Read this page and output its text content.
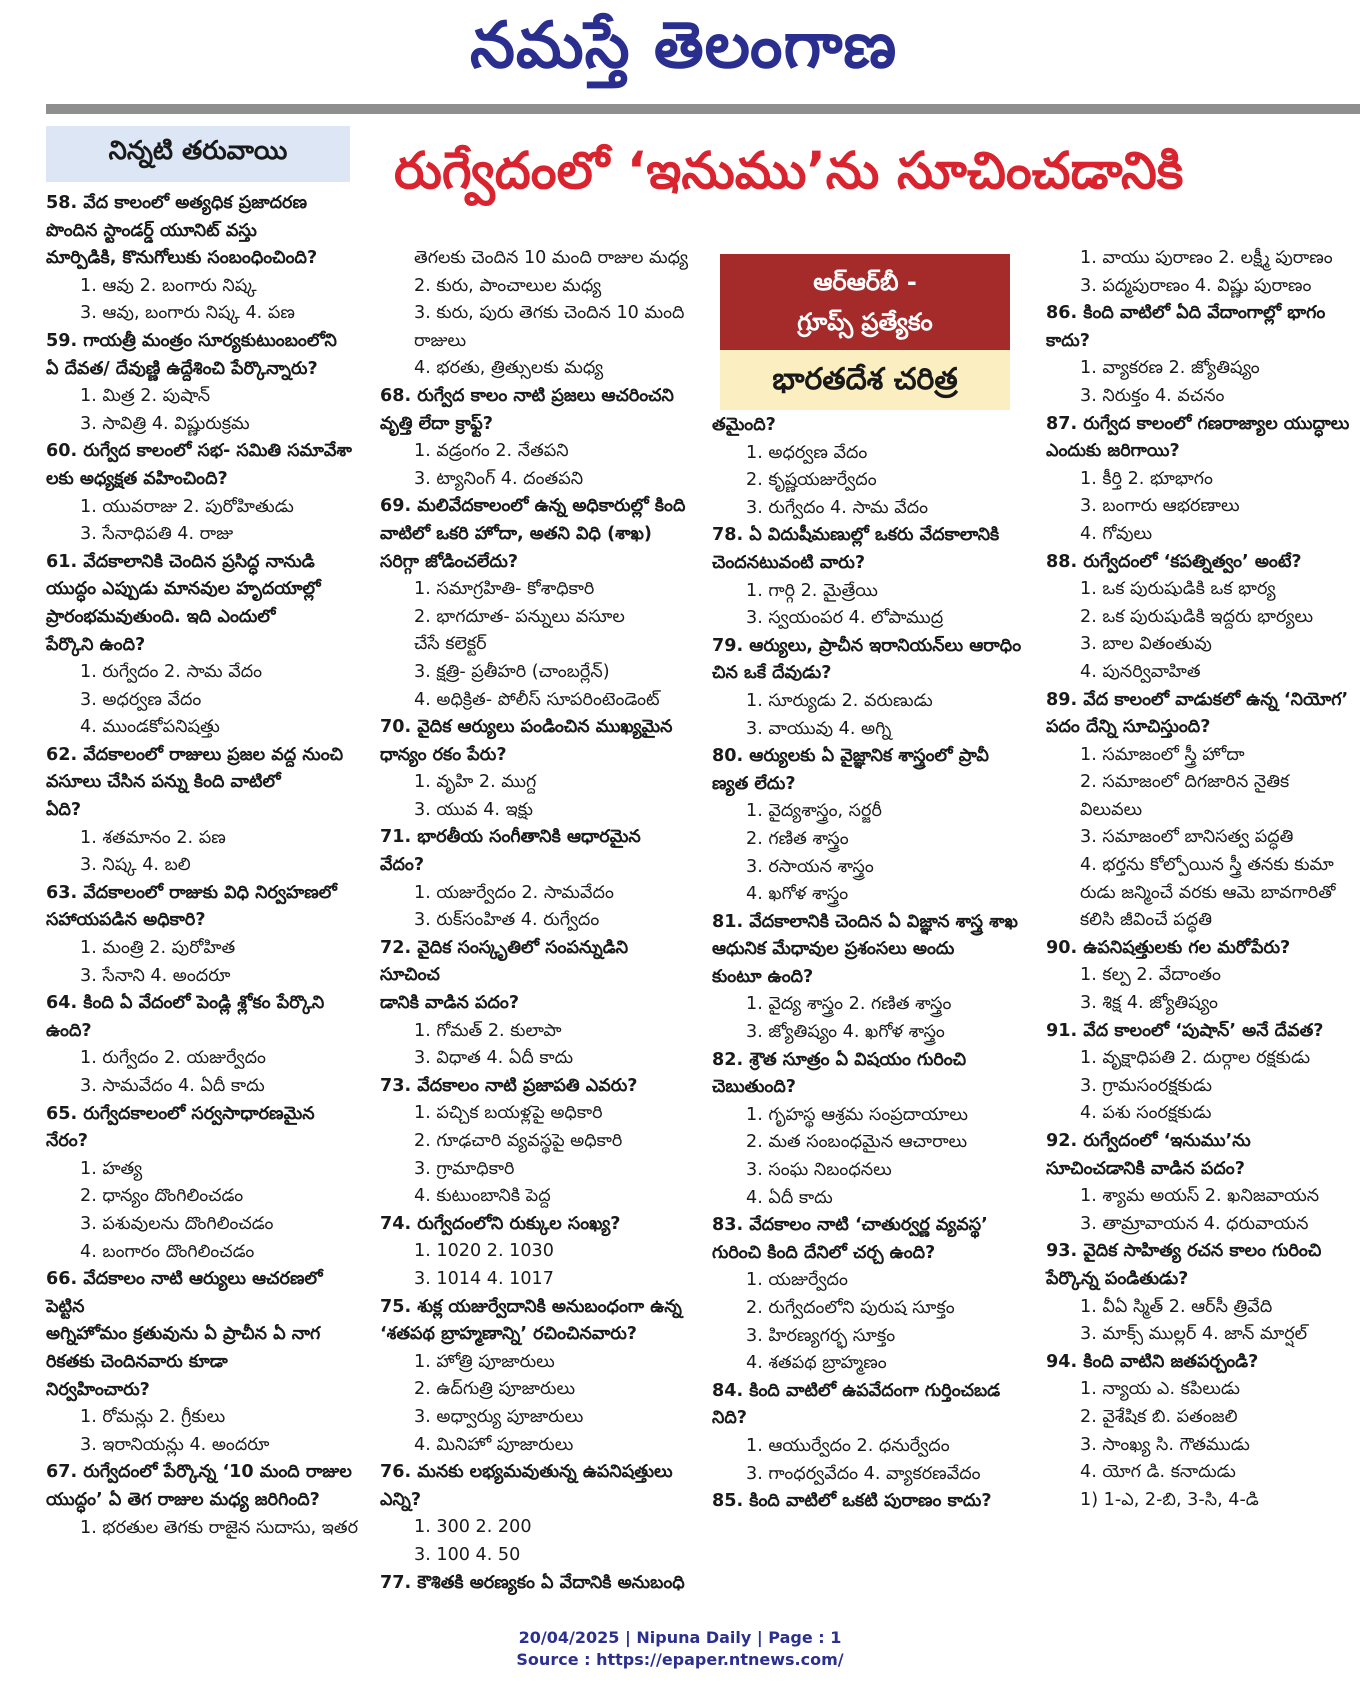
నమస్తే తెలంగాణ
నిన్నటి తరువాయి	రుగ్వేదంలో ‘ఇనుము’ను సూచించడానికి

58. వేద కాలంలో అత్యధిక ప్రజాదరణ

పొందిన స్టాండర్డ్ యూనిట్ వస్తు

మార్పిడికి, కొనుగోలుకు సంబంధించింది?

1. ఆవు 2. బంగారు నిష్క

3. ఆవు, బంగారు నిష్క 4. పణ

59. గాయత్రీ మంత్రం సూర్యకుటుంబంలోని

ఏ దేవత/ దేవుణ్ణి ఉద్దేశించి పేర్కొన్నారు?

1. మిత్ర 2. పుషాన్

3. సావిత్రి 4. విష్ణురుక్రమ

60. రుగ్వేద కాలంలో సభ- సమితి సమావేశా

లకు అధ్యక్షత వహించింది?

1. యువరాజు 2. పురోహితుడు

3. సేనాధిపతి 4. రాజు

61. వేదకాలానికి చెందిన ప్రసిద్ధ నానుడి

యుద్ధం ఎప్పుడు మానవుల హృదయాల్లో

ప్రారంభమవుతుంది. ఇది ఎందులో

పేర్కొని ఉంది?

1. రుగ్వేదం 2. సామ వేదం

3. అధర్వణ వేదం

4. ముండకోపనిషత్తు

62. వేదకాలంలో రాజులు ప్రజల వద్ద నుంచి

వసూలు చేసిన పన్ను కింది వాటిలో

ఏది?

1. శతమానం 2. పణ

3. నిష్క 4. బలి

63. వేదకాలంలో రాజుకు విధి నిర్వహణలో

సహాయపడిన అధికారి?

1. మంత్రి 2. పురోహిత

3. సేనాని 4. అందరూ

64. కింది ఏ వేదంలో పెండ్లి శ్లోకం పేర్కొని

ఉంది?

1. రుగ్వేదం 2. యజుర్వేదం

3. సామవేదం 4. ఏదీ కాదు

65. రుగ్వేదకాలంలో సర్వసాధారణమైన

నేరం?

1. హత్య

2. ధాన్యం దొంగిలించడం

3. పశువులను దొంగిలించడం

4. బంగారం దొంగిలించడం

66. వేదకాలం నాటి ఆర్యులు ఆచరణలో పెట్టిన

అగ్నిహోమం క్రతువును ఏ ప్రాచీన ఏ నాగ

రికతకు చెందినవారు కూడా

నిర్వహించారు?

1. రోమన్లు 2. గ్రీకులు

3. ఇరానియన్లు 4. అందరూ

67. రుగ్వేదంలో పేర్కొన్న ‘10 మంది రాజుల

యుద్ధం’ ఏ తెగ రాజుల మధ్య జరిగింది?

1. భరతుల తెగకు రాజైన సుదాసు, ఇతర

తెగలకు చెందిన 10 మంది రాజుల మధ్య

2. కురు, పాంచాలుల మధ్య

3. కురు, పురు తెగకు చెందిన 10 మంది

రాజులు

4. భరతు, త్రిత్సులకు మధ్య

68. రుగ్వేద కాలం నాటి ప్రజలు ఆచరించని

వృత్తి లేదా క్రాఫ్ట్?

1. వడ్రంగం 2. నేతపని

3. ట్యానింగ్ 4. దంతపని

69. మలివేదకాలంలో ఉన్న అధికారుల్లో కింది

వాటిలో ఒకరి హోదా, అతని విధి (శాఖ)

సరిగ్గా జోడించలేదు?

1. సమాగ్రహితి- కోశాధికారి

2. భాగదూత- పన్నులు వసూల

చేసే కలెక్టర్

3. క్షత్రి- ప్రతీహరి (చాంబర్లేన్)

4. అధిక్రిత- పోలీస్ సూపరింటెండెంట్

70. వైదిక ఆర్యులు పండించిన ముఖ్యమైన

ధాన్యం రకం పేరు?

1. వృహి 2. ముగ్ద

3. యువ 4. ఇక్షు

71. భారతీయ సంగీతానికి ఆధారమైన వేదం?

1. యజుర్వేదం 2. సామవేదం

3. రుక్‌సంహిత 4. రుగ్వేదం

72. వైదిక సంస్కృతిలో సంపన్నుడిని సూచించ

డానికి వాడిన పదం?

1. గోమత్ 2. కులాపా

3. విధాత 4. ఏదీ కాదు

73. వేదకాలం నాటి ప్రజాపతి ఎవరు?

1. పచ్చిక బయళ్లపై అధికారి

2. గూఢచారి వ్యవస్థపై అధికారి

3. గ్రామాధికారి

4. కుటుంబానికి పెద్ద

74. రుగ్వేదంలోని రుక్కుల సంఖ్య?

1. 1020 2. 1030

3. 1014 4. 1017

75. శుక్ల యజుర్వేదానికి అనుబంధంగా ఉన్న

‘శతపథ బ్రాహ్మణాన్ని’ రచించినవారు?

1. హోత్రి పూజారులు

2. ఉద్‌గుత్రి పూజారులు

3. అధ్వార్యు పూజారులు

4. మినిహో పూజారులు

76. మనకు లభ్యమవుతున్న ఉపనిషత్తులు ఎన్ని?

1. 300 2. 200

3. 100 4. 50

77. కౌశితకి అరణ్యకం ఏ వేదానికి అనుబంధి

తమైంది?

1. అధర్వణ వేదం

2. కృష్ణయజుర్వేదం

3. రుగ్వేదం 4. సామ వేదం

78. ఏ విదుషీమణుల్లో ఒకరు వేదకాలానికి

చెందనటువంటి వారు?

1. గార్గి 2. మైత్రేయి

3. స్వయంపర 4. లోపాముద్ర

79. ఆర్యులు, ప్రాచీన ఇరానియన్‌లు ఆరాధిం

చిన ఒకే దేవుడు?

1. సూర్యుడు 2. వరుణుడు

3. వాయువు 4. అగ్ని

80. ఆర్యులకు ఏ వైజ్ఞానిక శాస్త్రంలో ప్రావీ

ణ్యత లేదు?

1. వైద్యశాస్త్రం, సర్జరీ

2. గణిత శాస్త్రం

3. రసాయన శాస్త్రం

4. ఖగోళ శాస్త్రం

81. వేదకాలానికి చెందిన ఏ విజ్ఞాన శాస్త్ర శాఖ

ఆధునిక మేధావుల ప్రశంసలు అందు

కుంటూ ఉంది?

1. వైద్య శాస్త్రం 2. గణిత శాస్త్రం

3. జ్యోతిష్యం 4. ఖగోళ శాస్త్రం

82. శ్రౌత సూత్రం ఏ విషయం గురించి

చెబుతుంది?

1. గృహస్థ ఆశ్రమ సంప్రదాయాలు

2. మత సంబంధమైన ఆచారాలు

3. సంఘ నిబంధనలు

4. ఏదీ కాదు

83. వేదకాలం నాటి ‘చాతుర్వర్ణ వ్యవస్థ’

గురించి కింది దేనిలో చర్చ ఉంది?

1. యజుర్వేదం

2. రుగ్వేదంలోని పురుష సూక్తం

3. హిరణ్యగర్భ సూక్తం

4. శతపథ బ్రాహ్మణం

84. కింది వాటిలో ఉపవేదంగా గుర్తించబడ

నిది?

1. ఆయుర్వేదం 2. ధనుర్వేదం

3. గాంధర్వవేదం 4. వ్యాకరణవేదం

85. కింది వాటిలో ఒకటి పురాణం కాదు?

1. వాయు పురాణం 2. లక్ష్మీ పురాణం

3. పద్మపురాణం 4. విష్ణు పురాణం

86. కింది వాటిలో ఏది వేదాంగాల్లో భాగం

కాదు?

1. వ్యాకరణ 2. జ్యోతిష్యం

3. నిరుక్తం 4. వచనం

87. రుగ్వేద కాలంలో గణరాజ్యాల యుద్ధాలు

ఎందుకు జరిగాయి?

1. కీర్తి 2. భూభాగం

3. బంగారు ఆభరణాలు

4. గోవులు

88. రుగ్వేదంలో ‘కపత్నిత్వం’ అంటే?

1. ఒక పురుషుడికి ఒక భార్య

2. ఒక పురుషుడికి ఇద్దరు భార్యలు

3. బాల వితంతువు

4. పునర్వివాహిత

89. వేద కాలంలో వాడుకలో ఉన్న ‘నియోగ’

పదం దేన్ని సూచిస్తుంది?

1. సమాజంలో స్త్రీ హోదా

2. సమాజంలో దిగజారిన నైతిక

విలువలు

3. సమాజంలో బానిసత్వ పద్ధతి

4. భర్తను కోల్పోయిన స్త్రీ తనకు కుమా

రుడు జన్మించే వరకు ఆమె బావగారితో

కలిసి జీవించే పద్ధతి

90. ఉపనిషత్తులకు గల మరోపేరు?

1. కల్ప 2. వేదాంతం

3. శిక్ష 4. జ్యోతిష్యం

91. వేద కాలంలో ‘పుషాన్’ అనే దేవత?

1. వృక్షాధిపతి 2. దుర్గాల రక్షకుడు

3. గ్రామసంరక్షకుడు

4. పశు సంరక్షకుడు

92. రుగ్వేదంలో ‘ఇనుము’ను

సూచించడానికి వాడిన పదం?

1. శ్యామ అయస్ 2. ఖనిజవాయన

3. తామ్రావాయన 4. ధరువాయన

93. వైదిక సాహిత్య రచన కాలం గురించి

పేర్కొన్న పండితుడు?

1. వీఏ స్మిత్ 2. ఆర్‌సీ త్రివేది

3. మాక్స్ ముల్లర్ 4. జాన్ మార్షల్

94. కింది వాటిని జతపర్చండి?

1. న్యాయ ఎ. కపిలుడు

2. వైశేషిక బి. పతంజలి

3. సాంఖ్య సి. గౌతముడు

4. యోగ డి. కనాదుడు

1) 1-ఎ, 2-బి, 3-సి, 4-డి

ఆర్‌ఆర్‌బీ -
గ్రూప్స్ ప్రత్యేకం
భారతదేశ చరిత్ర
20/04/2025 | Nipuna Daily | Page : 1
Source : https://epaper.ntnews.com/
